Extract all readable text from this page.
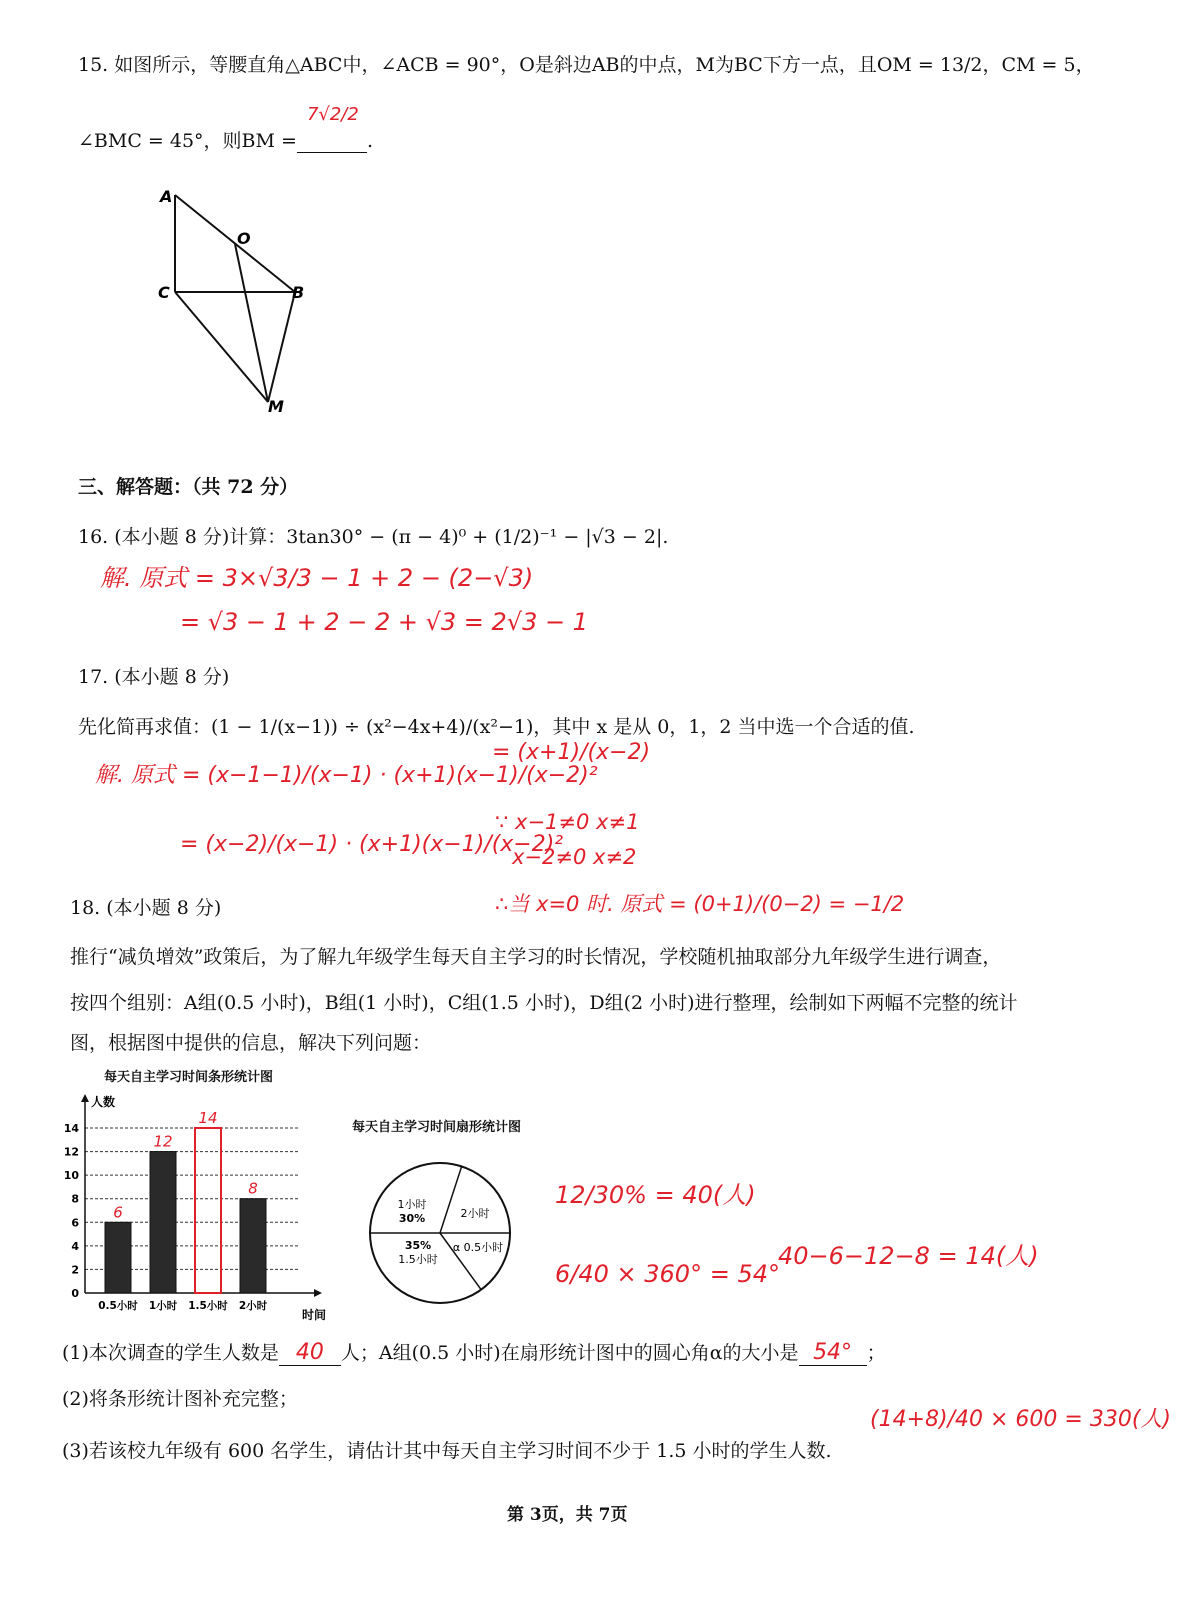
15. 如图所示，等腰直角△ABC中，∠ACB = 90°，O是斜边AB的中点，M为BC下方一点，且OM = 13/2，CM = 5，
∠BMC = 45°，则BM =
7√2/2
.
A
O
C	B
M
三、解答题：（共 72 分）
16. (本小题 8 分)计算：3tan30° − (π − 4)⁰ + (1/2)⁻¹ − |√3 − 2|.
解. 原式 = 3×√3/3 − 1 + 2 − (2−√3)
= √3 − 1 + 2 − 2 + √3 = 2√3 − 1
17. (本小题 8 分)
先化简再求值：(1 − 1/(x−1)) ÷ (x²−4x+4)/(x²−1)，其中 x 是从 0，1，2 当中选一个合适的值.
解. 原式 = (x−1−1)/(x−1) · (x+1)(x−1)/(x−2)²
= (x+1)/(x−2)
= (x−2)/(x−1) · (x+1)(x−1)/(x−2)²
∵ x−1≠0 x≠1
x−2≠0 x≠2
∴当 x=0 时. 原式 = (0+1)/(0−2) = −1/2
18. (本小题 8 分)
推行“减负增效”政策后，为了解九年级学生每天自主学习的时长情况，学校随机抽取部分九年级学生进行调查，
按四个组别：A组(0.5 小时)，B组(1 小时)，C组(1.5 小时)，D组(2 小时)进行整理，绘制如下两幅不完整的统计
图，根据图中提供的信息，解决下列问题：
每天自主学习时间条形统计图
0
2
4
6
8
10
12
14
人数
时间
6
0.5小时
12
1小时
14
1.5小时
8
2小时
每天自主学习时间扇形统计图
1小时
30%	2小时
α 0.5小时
1.5小时
35%
12/30% = 40(人)
6/40 × 360° = 54°
40−6−12−8 = 14(人)
(1)本次调查的学生人数是 40 人；A组(0.5 小时)在扇形统计图中的圆心角α的大小是 54° ；
(2)将条形统计图补充完整；
(3)若该校九年级有 600 名学生，请估计其中每天自主学习时间不少于 1.5 小时的学生人数.
(14+8)/40 × 600 = 330(人)
第 3页，共 7页
